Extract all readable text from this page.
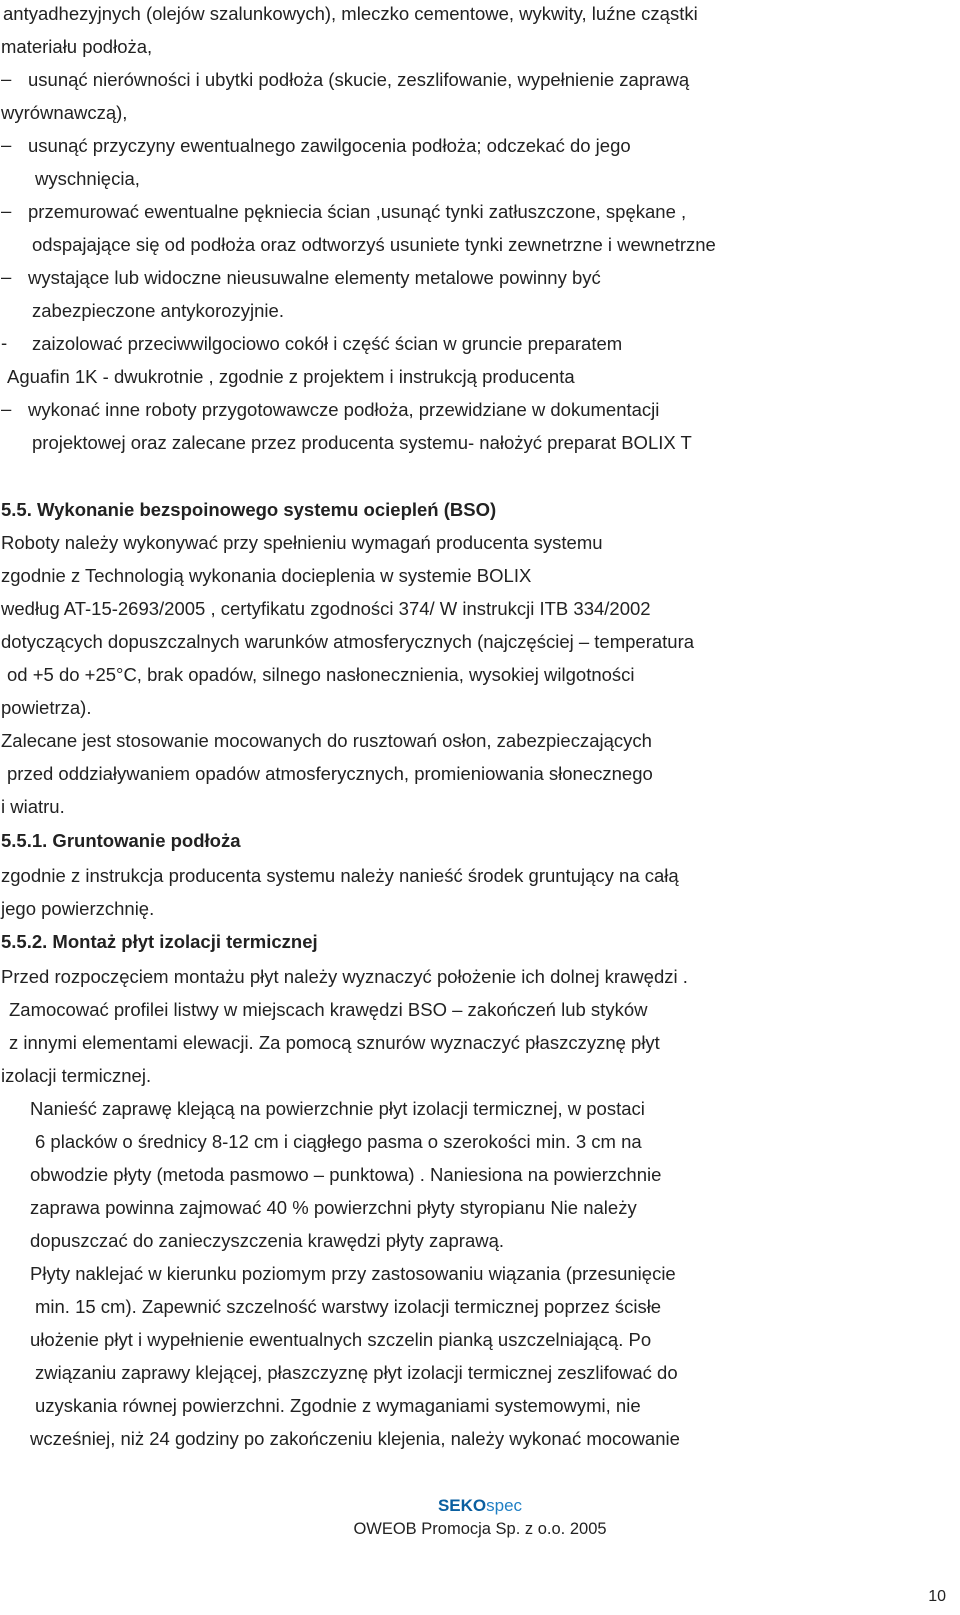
antyadhezyjnych (olejów szalunkowych), mleczko cementowe, wykwity, luźne cząstki
materiału podłoża,
– usunąć nierówności i ubytki podłoża (skucie, zeszlifowanie, wypełnienie zaprawą
wyrównawczą),
– usunąć przyczyny ewentualnego zawilgocenia podłoża; odczekać do jego
wyschnięcia,
– przemurować ewentualne pękniecia ścian ,usunąć tynki zatłuszczone, spękane ,
odspajające się od podłoża oraz odtworzyś usuniete tynki zewnetrzne i wewnetrzne
– wystające lub widoczne nieusuwalne elementy metalowe powinny być
zabezpieczone antykorozyjnie.
- zaizolować przeciwwilgociowo cokół i część ścian w gruncie preparatem
Aguafin 1K - dwukrotnie , zgodnie z projektem i instrukcją producenta
– wykonać inne roboty przygotowawcze podłoża, przewidziane w dokumentacji
projektowej oraz zalecane przez producenta systemu- nałożyć preparat BOLIX T
5.5. Wykonanie bezspoinowego systemu ociepleń (BSO)
Roboty należy wykonywać przy spełnieniu wymagań producenta systemu
zgodnie z Technologią wykonania docieplenia w systemie BOLIX
według AT-15-2693/2005 , certyfikatu zgodności 374/ W instrukcji ITB 334/2002
dotyczących dopuszczalnych warunków atmosferycznych (najczęściej – temperatura
od +5 do +25°C, brak opadów, silnego nasłonecznienia, wysokiej wilgotności
powietrza).
Zalecane jest stosowanie mocowanych do rusztowań osłon, zabezpieczających
przed oddziaływaniem opadów atmosferycznych, promieniowania słonecznego
i wiatru.
5.5.1. Gruntowanie podłoża
zgodnie z instrukcja producenta systemu należy nanieść środek gruntujący na całą
jego powierzchnię.
5.5.2. Montaż płyt izolacji termicznej
Przed rozpoczęciem montażu płyt należy wyznaczyć położenie ich dolnej krawędzi .
Zamocować profilei listwy w miejscach krawędzi BSO – zakończeń lub styków
z innymi elementami elewacji. Za pomocą sznurów wyznaczyć płaszczyznę płyt
izolacji termicznej.
Nanieść zaprawę klejącą na powierzchnie płyt izolacji termicznej, w postaci
6 placków o średnicy 8-12 cm i ciągłego pasma o szerokości min. 3 cm na
obwodzie płyty (metoda pasmowo – punktowa) . Naniesiona na powierzchnie
zaprawa powinna zajmować 40 % powierzchni płyty styropianu Nie należy
dopuszczać do zanieczyszczenia krawędzi płyty zaprawą.
Płyty naklejać w kierunku poziomym przy zastosowaniu wiązania (przesunięcie
min. 15 cm). Zapewnić szczelność warstwy izolacji termicznej poprzez ścisłe
ułożenie płyt i wypełnienie ewentualnych szczelin pianką uszczelniającą. Po
związaniu zaprawy klejącej, płaszczyznę płyt izolacji termicznej zeszlifować do
uzyskania równej powierzchni. Zgodnie z wymaganiami systemowymi, nie
wcześniej, niż 24 godziny po zakończeniu klejenia, należy wykonać mocowanie
SEKOspec
OWEOB Promocja Sp. z o.o. 2005
10
